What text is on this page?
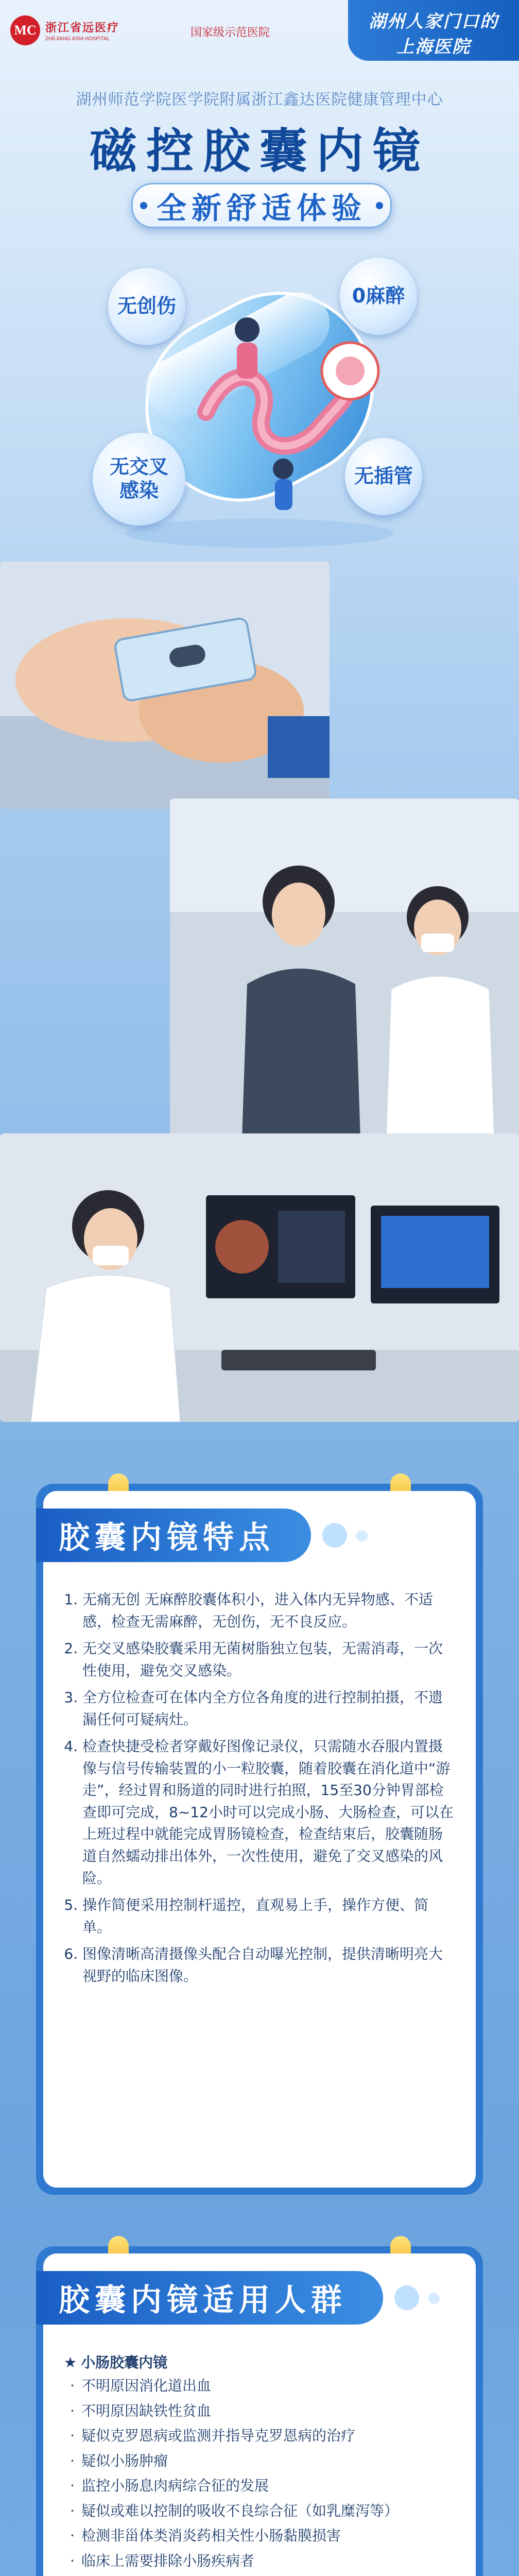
MC 浙江省远医疗
ZHEJIANG ASIA HOSPITAL	国家级示范医院
湖州人家门口的
上海医院
湖州师范学院医学院附属浙江鑫达医院健康管理中心
磁控胶囊内镜
全新舒适体验
无创伤	0麻醉
无交叉
感染
无插管
胶囊内镜特点
1. 无痛无创 无麻醉胶囊体积小，进入体内无异物感、不适感，检查无需麻醉，无创伤，无不良反应。
2. 无交叉感染胶囊采用无菌树脂独立包装，无需消毒，一次性使用，避免交叉感染。
3. 全方位检查可在体内全方位各角度的进行控制拍摄，不遗漏任何可疑病灶。
4. 检查快捷受检者穿戴好图像记录仪，只需随水吞服内置摄像与信号传输装置的小一粒胶囊，随着胶囊在消化道中“游走”，经过胃和肠道的同时进行拍照，15至30分钟胃部检查即可完成，8~12小时可以完成小肠、大肠检查，可以在上班过程中就能完成胃肠镜检查，检查结束后，胶囊随肠道自然蠕动排出体外，一次性使用，避免了交叉感染的风险。
5. 操作简便采用控制杆遥控，直观易上手，操作方便、简单。
6. 图像清晰高清摄像头配合自动曝光控制，提供清晰明亮大视野的临床图像。
胶囊内镜适用人群
★ 小肠胶囊内镜
· 不明原因消化道出血
· 不明原因缺铁性贫血
· 疑似克罗恩病或监测并指导克罗恩病的治疗
· 疑似小肠肿瘤
· 监控小肠息肉病综合征的发展
· 疑似或难以控制的吸收不良综合征（如乳糜泻等）
· 检测非甾体类消炎药相关性小肠黏膜损害
· 临床上需要排除小肠疾病者
